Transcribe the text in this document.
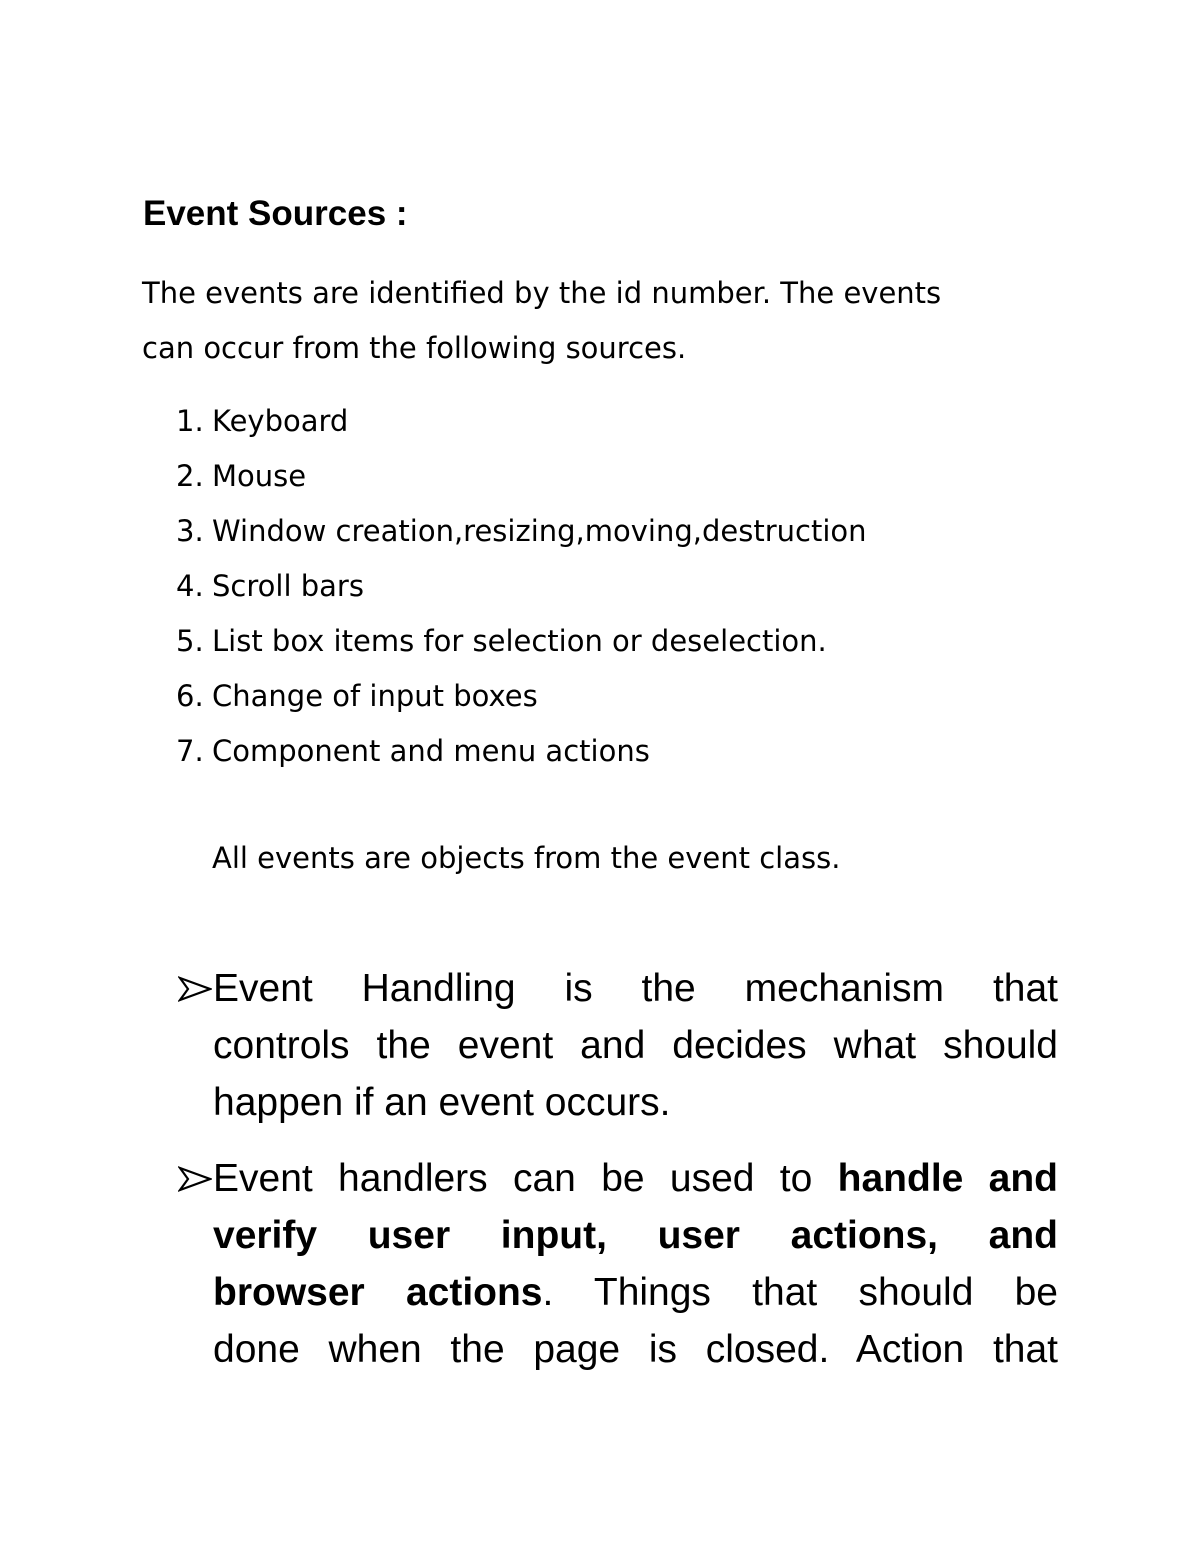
Event Sources :

The events are identified by the id number. The events
can occur from the following sources.

1. Keyboard
2. Mouse
3. Window creation,resizing,moving,destruction
4. Scroll bars
5. List box items for selection or deselection.
6. Change of input boxes
7. Component and menu actions

All events are objects from the event class.

Event Handling is the mechanism that
controls the event and decides what should
happen if an event occurs.
Event handlers can be used to handle and
verify user input, user actions, and
browser actions. Things that should be
done when the page is closed. Action that
